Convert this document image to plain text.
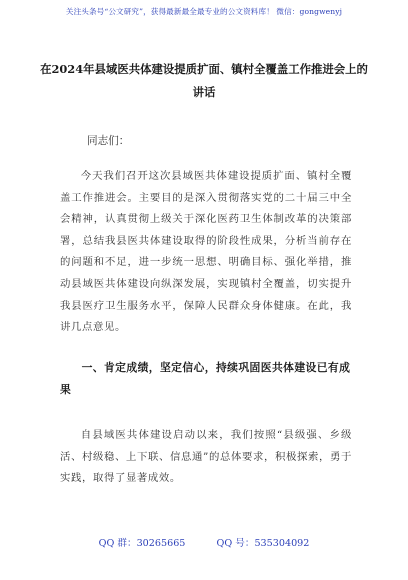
关注头条号“公文研究”，获得最新最全最专业的公文资料库！ 微信：gongwenyj
在2024年县域医共体建设提质扩面、镇村全覆盖工作推进会上的讲话
同志们：
今天我们召开这次县域医共体建设提质扩面、镇村全覆盖工作推进会。主要目的是深入贯彻落实党的二十届三中全会精神，认真贯彻上级关于深化医药卫生体制改革的决策部署，总结我县医共体建设取得的阶段性成果，分析当前存在的问题和不足，进一步统一思想、明确目标、强化举措，推动县域医共体建设向纵深发展，实现镇村全覆盖，切实提升我县医疗卫生服务水平，保障人民群众身体健康。在此，我讲几点意见。
一、肯定成绩，坚定信心，持续巩固医共体建设已有成果
自县域医共体建设启动以来，我们按照“县级强、乡级活、村级稳、上下联、信息通”的总体要求，积极探索，勇于实践，取得了显著成效。
QQ 群：30265665	QQ 号：535304092
